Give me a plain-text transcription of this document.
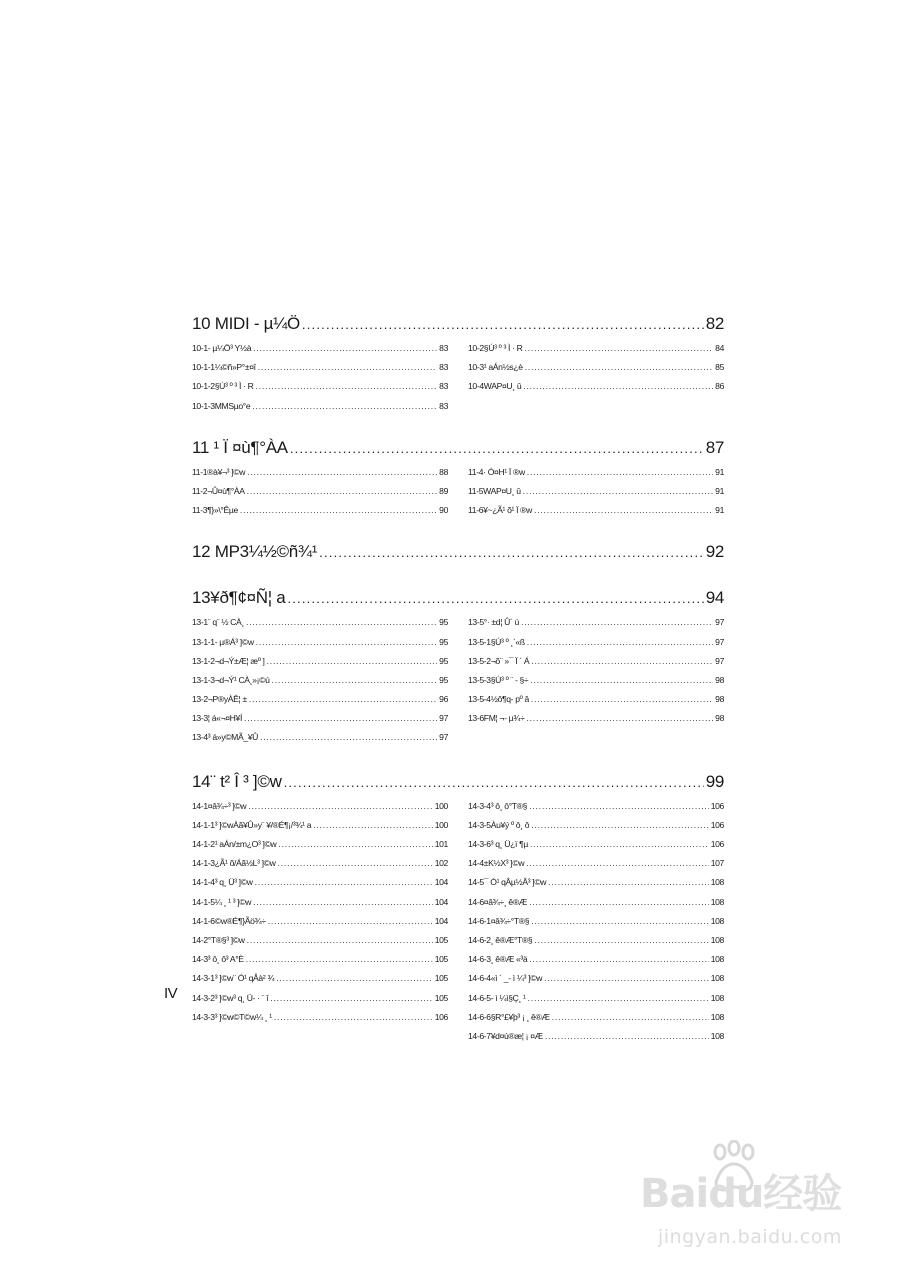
10 MIDI - µ¼Ö .....	82
10-1- µ¼Ö³ Y½à .....	83
10-1-1¼©ñ»P°±¤î .....	83
10-1-2§Ú³ º ³ Ì · R .....	83
10-1-3MMSµo°e .....	83
10-2§Ú³ º ³ Ì · R .....	84
10-3¹ aÁn½s¿è .....	85
10-4WAP¤U¸ û .....	86
11 ¹ Ï ¤ù¶°ÀA .....	87
11-1®à¥¬³ ]©w .....	88
11-2¬Û¤ù¶°ÀA .....	89
11-3¶}»\°Êµe .....	90
11-4· Ó¤H¹ Ï ®w .....	91
11-5WAP¤U¸ û .....	91
11-6¥~¿Ã¹ õ¹ Ï ®w .....	91
12 MP3¼½©ñ¾¹ .....	92
13¥ð¶¢¤Ñ¦ a .....	94
13-1¨ q¨ ½ CÀ¸ .....	95
13-1-1- µ®Á³ ]©w .....	95
13-1-2¬d¬Ý±Æ¦ æº ] .....	95
13-1-3¬d¬Ý¹ CÀ¸»¡©ú .....	95
13-2¬P®yÀÊ¦ ± .....	96
13-3¦ á«¬¤H¥Í .....	97
13-4³ á»y©MÃ_¥Û .....	97
13-5°· ±d¦ Û´ ú .....	97
13-5-1§Ú³ º ¸`«ß .....	97
13-5-2¬õ¨ »¯ Ï ´ Á .....	97
13-5-3§Ú³ º ¨ - §÷ .....	98
13-5-4½ô¶q- pº â .....	98
13-6FM¦ ¬- µ¾÷ .....	98
14¨ t² Î ³ ]©w .....	99
14-1¤â¾÷³ ]©w .....	100
14-1-1³ ]©wÀã¥Û»y¨ ¥/®É¶¡/³¾¹ a .....	100
14-1-2¹ aÁn/±m¿O³ ]©w .....	101
14-1-3¿Ã¹ õ/Áã½L³ ]©w .....	102
14-1-4³ q¸ Ü³ ]©w .....	104
14-1-5¼ ¸ ¹ ³ ]©w .....	104
14-1-6©w®É¶}Ãö¾÷ .....	104
14-2°T®§³ ]©w .....	105
14-3³ ô¸ ô³ A°È .....	105
14-3-1³ ]©w¨ Ó¹ qÅà² ¾ .....	105
14-3-2³ ]©w³ q¸ Ü- · ¨ î .....	105
14-3-3³ ]©w©T©w¼ ¸ ¹ .....	106
14-3-4³ ô¸ ô°T®§ .....	106
14-3-5Àu¥ý º ô¸ ô .....	106
14-3-6³ q¸ Ü¿ï ¶µ .....	106
14-4±K½X³ ]©w .....	107
14-5¯ Ó¹ qÂµ½Â³ ]©w .....	108
14-6¤â¾÷¸ ê®Æ .....	108
14-6-1¤â¾÷°T®§ .....	108
14-6-2¸ ê®Æ°T®§ .....	108
14-6-3¸ ê®Æ «³ä .....	108
14-6-4«ì ´ _- ì ¼³ ]©w .....	108
14-6-5- ì ¼ì§Ç¸ ¹ .....	108
14-6-6§R°£¥þ³ ¡ ¸ ê®Æ .....	108
14-6-7¥d¤ù®æ¦ ¡ ¤Æ .....	108
IV
Baidu经验
jingyan.baidu.com
